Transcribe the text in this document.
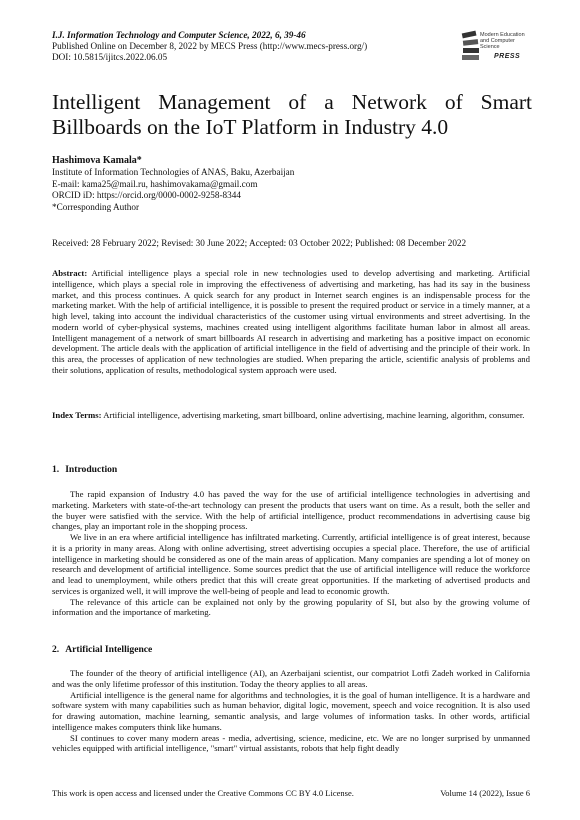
I.J. Information Technology and Computer Science, 2022, 6, 39-46
Published Online on December 8, 2022 by MECS Press (http://www.mecs-press.org/)
DOI: 10.5815/ijitcs.2022.06.05
Modern Education and Computer Science
PRESS
Intelligent Management of a Network of Smart Billboards on the IoT Platform in Industry 4.0
Hashimova Kamala*
Institute of Information Technologies of ANAS, Baku, Azerbaijan
E-mail: kama25@mail.ru, hashimovakama@gmail.com
ORCID iD: https://orcid.org/0000-0002-9258-8344
*Corresponding Author
Received: 28 February 2022; Revised: 30 June 2022; Accepted: 03 October 2022; Published: 08 December 2022
Abstract: Artificial intelligence plays a special role in new technologies used to develop advertising and marketing. Artificial intelligence, which plays a special role in improving the effectiveness of advertising and marketing, has had its say in the business market, and this process continues. A quick search for any product in Internet search engines is an indispensable process for the marketing market. With the help of artificial intelligence, it is possible to present the required product or service in a timely manner, at a high level, taking into account the individual characteristics of the customer using virtual environments and street advertising. In the modern world of cyber-physical systems, machines created using intelligent algorithms facilitate human labor in almost all areas. Intelligent management of a network of smart billboards AI research in advertising and marketing has a positive impact on economic development. The article deals with the application of artificial intelligence in the field of advertising and the principle of their work. In this area, the processes of application of new technologies are studied. When preparing the article, scientific analysis of problems and their solutions, application of results, methodological system approach were used.
Index Terms: Artificial intelligence, advertising marketing, smart billboard, online advertising, machine learning, algorithm, consumer.
1. Introduction

The rapid expansion of Industry 4.0 has paved the way for the use of artificial intelligence technologies in advertising and marketing. Marketers with state-of-the-art technology can present the products that users want on time. As a result, both the seller and the buyer were satisfied with the service. With the help of artificial intelligence, product recommendations in advertising cause big changes, play an important role in the shopping process.

We live in an era where artificial intelligence has infiltrated marketing. Currently, artificial intelligence is of great interest, because it is a priority in many areas. Along with online advertising, street advertising occupies a special place. Therefore, the use of artificial intelligence in marketing should be considered as one of the main areas of application. Many companies are spending a lot of money on research and development of artificial intelligence. Some sources predict that the use of artificial intelligence will reduce the workforce and lead to unemployment, while others predict that this will create great opportunities. If the marketing of advertised products and services is organized well, it will improve the well-being of people and lead to economic growth.

The relevance of this article can be explained not only by the growing popularity of SI, but also by the growing volume of information and the importance of marketing.

2. Artificial Intelligence

The founder of the theory of artificial intelligence (AI), an Azerbaijani scientist, our compatriot Lotfi Zadeh worked in California and was the only lifetime professor of this institution. Today the theory applies to all areas.

Artificial intelligence is the general name for algorithms and technologies, it is the goal of human intelligence. It is a hardware and software system with many capabilities such as human behavior, digital logic, movement, speech and voice recognition. It is also used for drawing automation, machine learning, semantic analysis, and large volumes of information tasks. In other words, artificial intelligence makes computers think like humans.

SI continues to cover many modern areas - media, advertising, science, medicine, etc. We are no longer surprised by unmanned vehicles equipped with artificial intelligence, "smart" virtual assistants, robots that help fight deadly

This work is open access and licensed under the Creative Commons CC BY 4.0 License.	Volume 14 (2022), Issue 6
